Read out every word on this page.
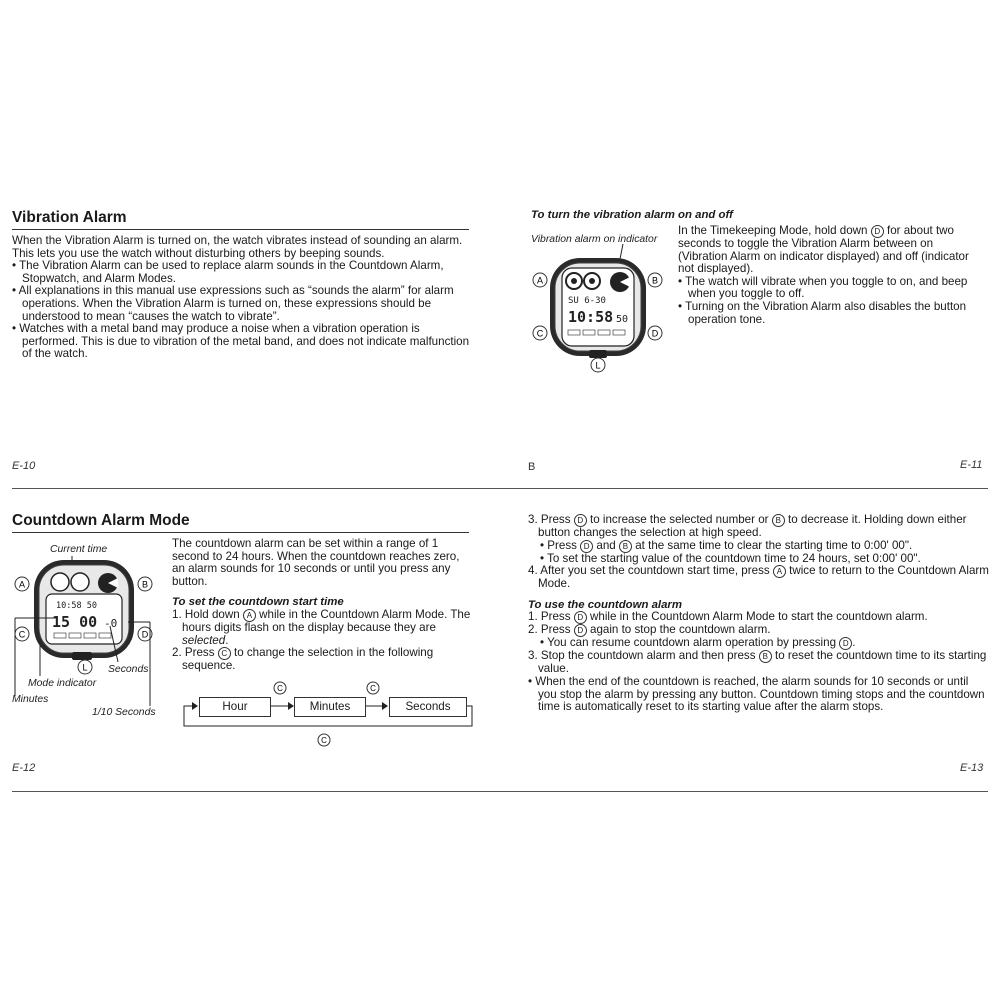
Vibration Alarm

When the Vibration Alarm is turned on, the watch vibrates instead of sounding an alarm. This lets you use the watch without disturbing others by beeping sounds.

• The Vibration Alarm can be used to replace alarm sounds in the Countdown Alarm, Stopwatch, and Alarm Modes.

• All explanations in this manual use expressions such as “sounds the alarm” for alarm operations. When the Vibration Alarm is turned on, these expressions should be understood to mean “causes the watch to vibrate”.

• Watches with a metal band may produce a noise when a vibration operation is performed. This is due to vibration of the metal band, and does not indicate malfunction of the watch.

E-10
To turn the vibration alarm on and off
Vibration alarm on indicator
A	B
C	D
SU 6-30
10:58 50
L

In the Timekeeping Mode, hold down D for about two seconds to toggle the Vibration Alarm between on (Vibration Alarm on indicator displayed) and off (indicator not displayed).

• The watch will vibrate when you toggle to on, and beep when you toggle to off.

• Turning on the Vibration Alarm also disables the button operation tone.

B	E-11
Countdown Alarm Mode
Current time
A	B
C	D
10:58 50
15 00 -0
L Seconds
Mode indicator
Minutes
1/10 Seconds

The countdown alarm can be set within a range of 1 second to 24 hours. When the countdown reaches zero, an alarm sounds for 10 seconds or until you press any button.

To set the countdown start time

1. Hold down A while in the Countdown Alarm Mode. The hours digits flash on the display because they are selected.

2. Press C to change the selection in the following sequence.

C	C
C
Hour	Minutes	Seconds
E-12

3. Press D to increase the selected number or B to decrease it. Holding down either button changes the selection at high speed.

• Press D and B at the same time to clear the starting time to 0:00' 00".

• To set the starting value of the countdown time to 24 hours, set 0:00' 00".

4. After you set the countdown start time, press A twice to return to the Countdown Alarm Mode.

To use the countdown alarm

1. Press D while in the Countdown Alarm Mode to start the countdown alarm.

2. Press D again to stop the countdown alarm.

• You can resume countdown alarm operation by pressing D .

3. Stop the countdown alarm and then press B to reset the countdown time to its starting value.

• When the end of the countdown is reached, the alarm sounds for 10 seconds or until you stop the alarm by pressing any button. Countdown timing stops and the countdown time is automatically reset to its starting value after the alarm stops.

E-13
